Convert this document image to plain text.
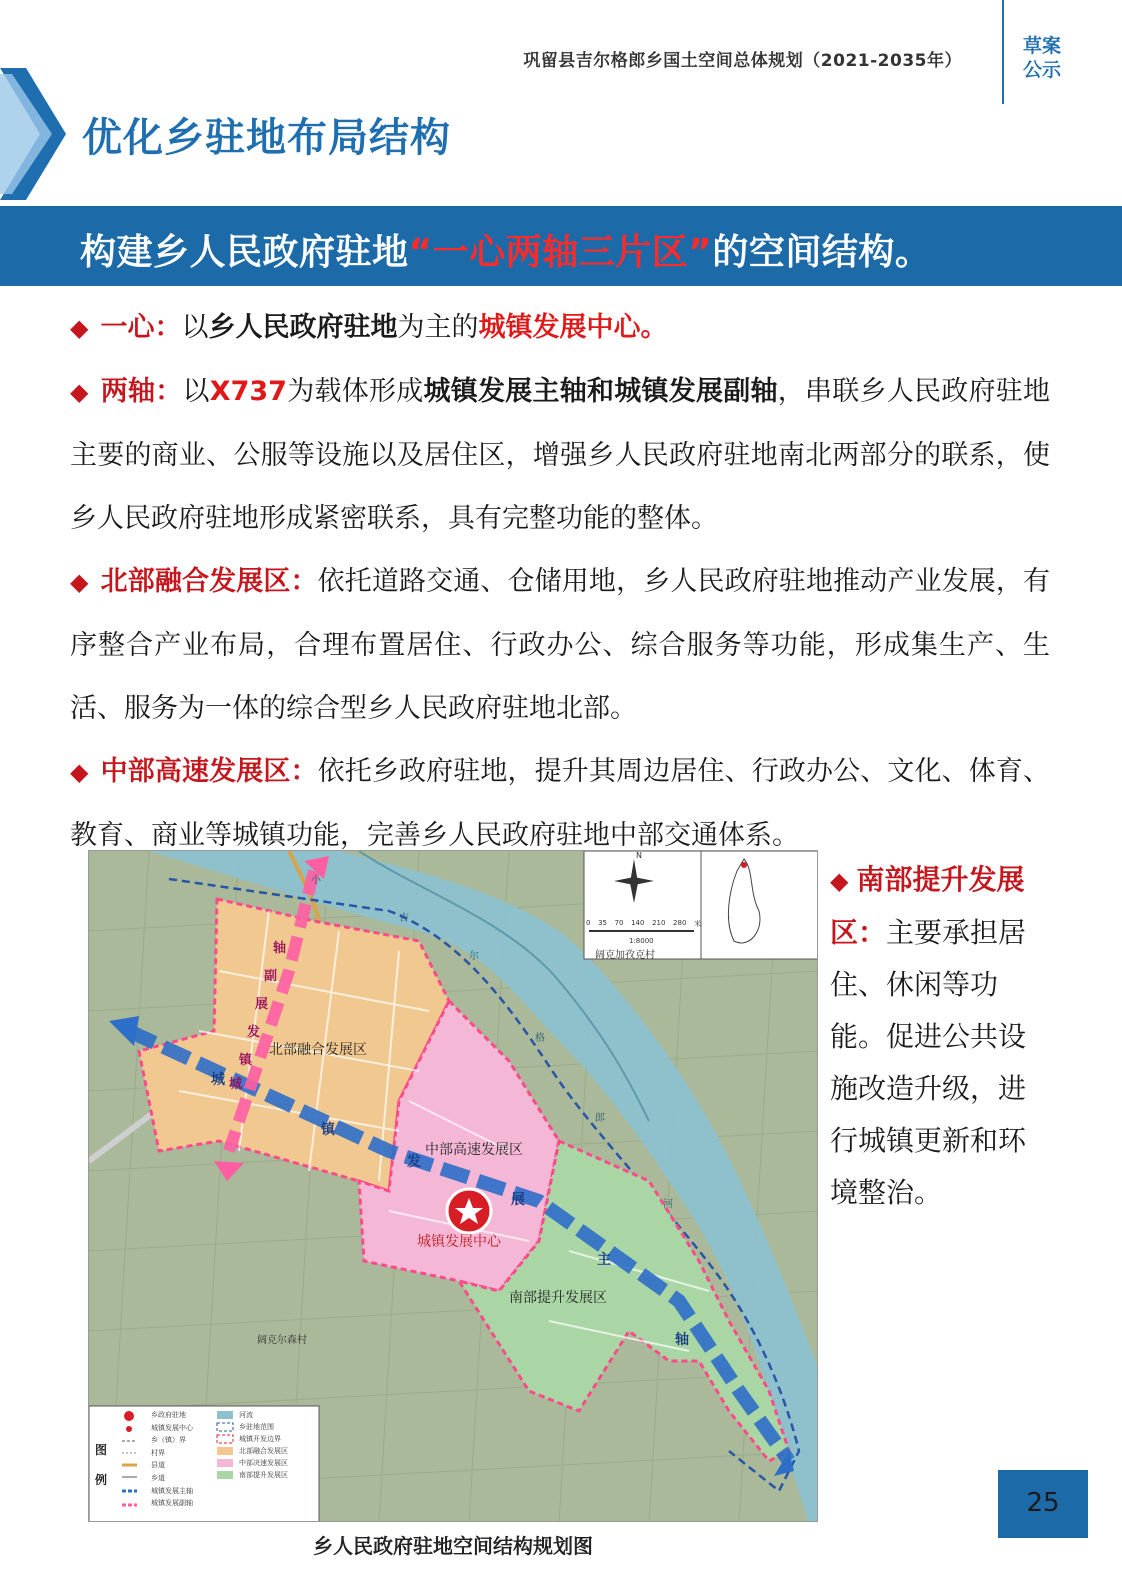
巩留县吉尔格郎乡国土空间总体规划（2021-2035年）
草案
公示
优化乡驻地布局结构
构建乡人民政府驻地“一心两轴三片区”的空间结构。
◆ 一心：以乡人民政府驻地为主的城镇发展中心。
◆ 两轴：以X737为载体形成城镇发展主轴和城镇发展副轴，串联乡人民政府驻地主要的商业、公服等设施以及居住区，增强乡人民政府驻地南北两部分的联系，使乡人民政府驻地形成紧密联系，具有完整功能的整体。
◆ 北部融合发展区：依托道路交通、仓储用地，乡人民政府驻地推动产业发展，有序整合产业布局，合理布置居住、行政办公、综合服务等功能，形成集生产、生活、服务为一体的综合型乡人民政府驻地北部。
◆ 中部高速发展区：依托乡政府驻地，提升其周边居住、行政办公、文化、体育、教育、商业等城镇功能，完善乡人民政府驻地中部交通体系。
北部融合发展区
中部高速发展区
南部提升发展区
城镇发展中心
阔克加孜克村
阔克尔森村
城
镇
发
展
主
轴
城
镇
发
展
副
轴
小
吉
尔
格
郎
河
N
0 35 70 140 210 280 米
1:8000
图
例
乡政府驻地
城镇发展中心
乡（镇）界
村界
县道
乡道
城镇发展主轴
城镇发展副轴
河流
乡驻地范围
城镇开发边界
北部融合发展区
中部决速发展区
南部提升发展区
乡人民政府驻地空间结构规划图
◆ 南部提升发展区：主要承担居住、休闲等功能。促进公共设施改造升级，进行城镇更新和环境整治。
25
